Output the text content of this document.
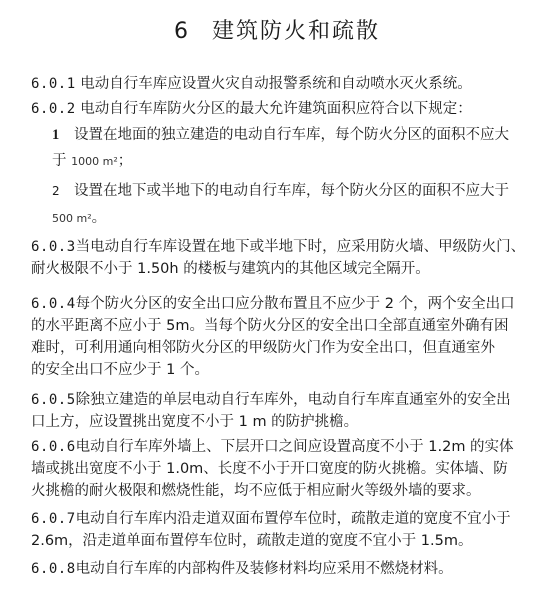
6 建筑防火和疏散
6.0.1 电动自行车库应设置火灾自动报警系统和自动喷水灭火系统。
6.0.2 电动自行车库防火分区的最大允许建筑面积应符合以下规定：
1 设置在地面的独立建造的电动自行车库，每个防火分区的面积不应大
于 1000 m²；
2 设置在地下或半地下的电动自行车库，每个防火分区的面积不应大于
500 m²。
6.0.3当电动自行车库设置在地下或半地下时，应采用防火墙、甲级防火门、
耐火极限不小于 1.50h 的楼板与建筑内的其他区域完全隔开。
6.0.4每个防火分区的安全出口应分散布置且不应少于 2 个，两个安全出口
的水平距离不应小于 5m。当每个防火分区的安全出口全部直通室外确有困
难时，可利用通向相邻防火分区的甲级防火门作为安全出口，但直通室外
的安全出口不应少于 1 个。
6.0.5除独立建造的单层电动自行车库外，电动自行车库直通室外的安全出
口上方，应设置挑出宽度不小于 1 m 的防护挑檐。
6.0.6电动自行车库外墙上、下层开口之间应设置高度不小于 1.2m 的实体
墙或挑出宽度不小于 1.0m、长度不小于开口宽度的防火挑檐。实体墙、防
火挑檐的耐火极限和燃烧性能，均不应低于相应耐火等级外墙的要求。
6.0.7电动自行车库内沿走道双面布置停车位时，疏散走道的宽度不宜小于
2.6m，沿走道单面布置停车位时，疏散走道的宽度不宜小于 1.5m。
6.0.8电动自行车库的内部构件及装修材料均应采用不燃烧材料。
